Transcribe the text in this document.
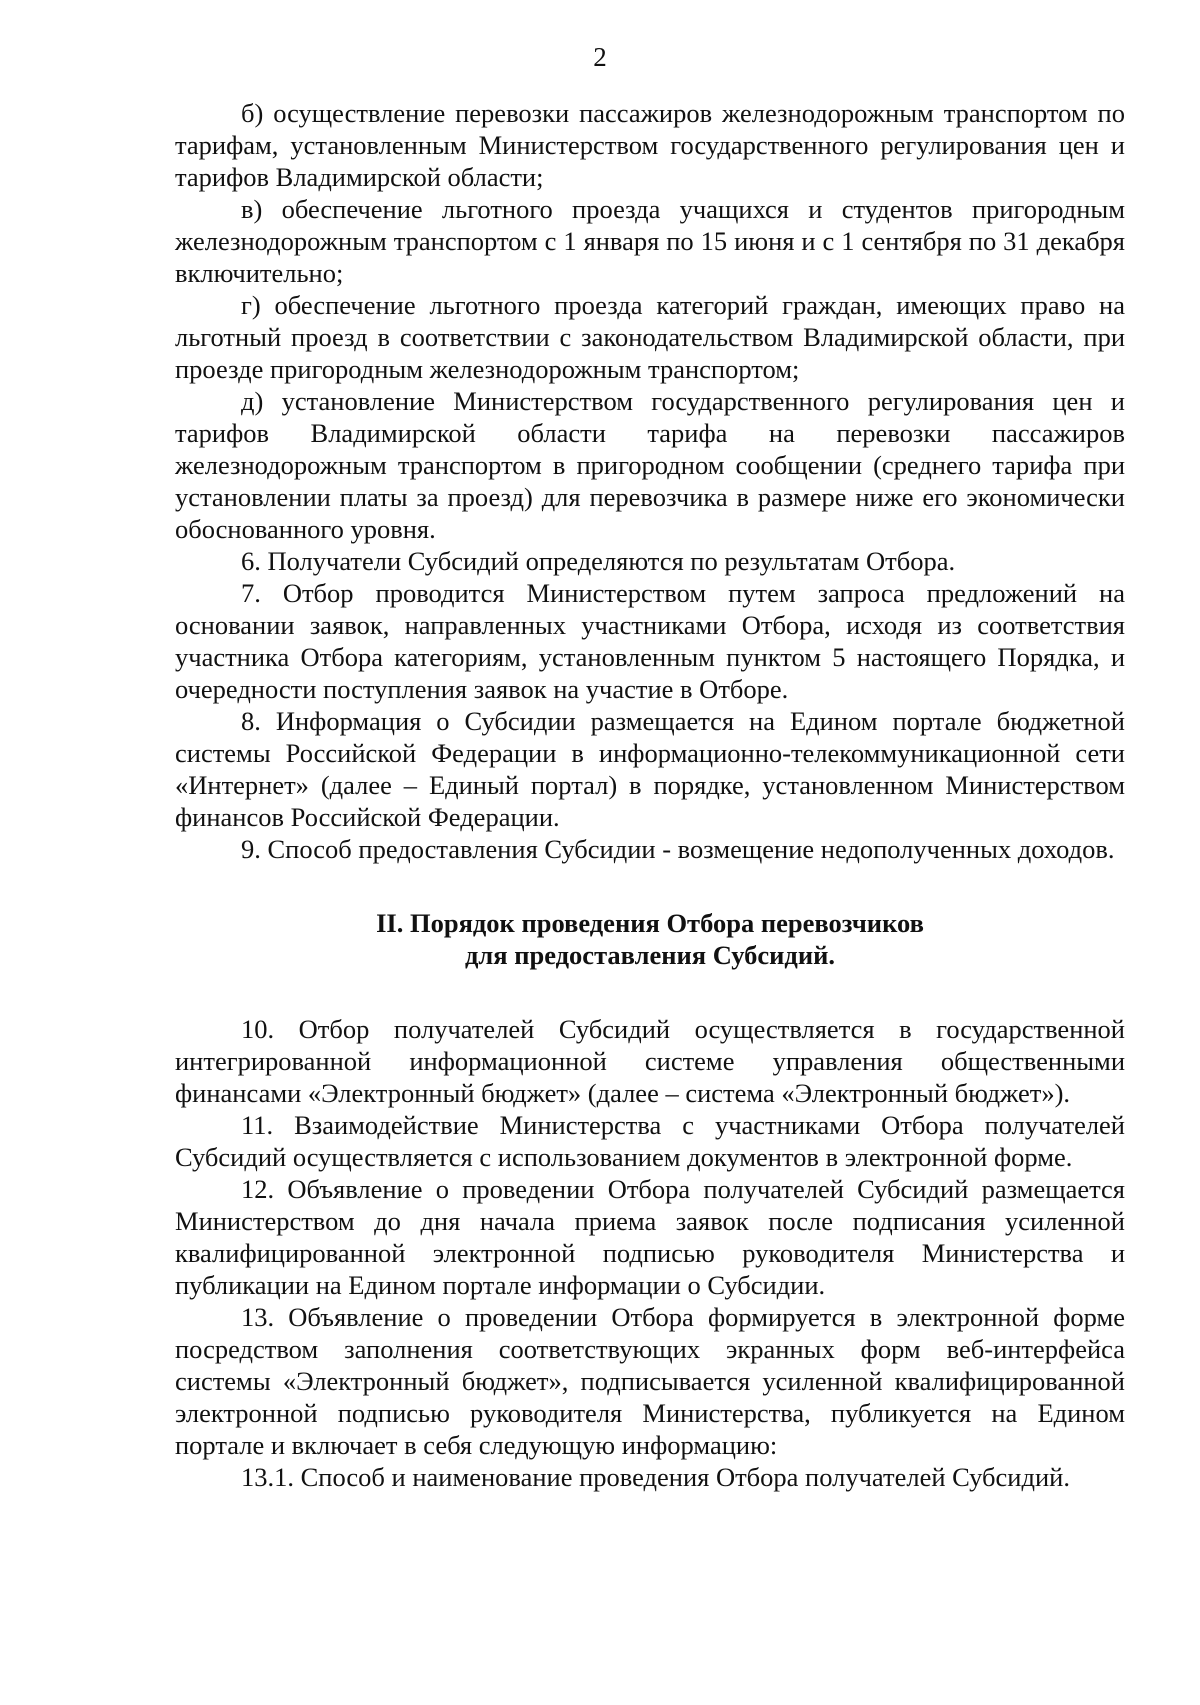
2

б) осуществление перевозки пассажиров железнодорожным транспортом по тарифам, установленным Министерством государственного регулирования цен и тарифов Владимирской области;

в) обеспечение льготного проезда учащихся и студентов пригородным железнодорожным транспортом с 1 января по 15 июня и с 1 сентября по 31 декабря включительно;

г) обеспечение льготного проезда категорий граждан, имеющих право на льготный проезд в соответствии с законодательством Владимирской области, при проезде пригородным железнодорожным транспортом;

д) установление Министерством государственного регулирования цен и тарифов Владимирской области тарифа на перевозки пассажиров железнодорожным транспортом в пригородном сообщении (среднего тарифа при установлении платы за проезд) для перевозчика в размере ниже его экономически обоснованного уровня.

6. Получатели Субсидий определяются по результатам Отбора.

7. Отбор проводится Министерством путем запроса предложений на основании заявок, направленных участниками Отбора, исходя из соответствия участника Отбора категориям, установленным пунктом 5 настоящего Порядка, и очередности поступления заявок на участие в Отборе.

8. Информация о Субсидии размещается на Едином портале бюджетной системы Российской Федерации в информационно-телекоммуникационной сети «Интернет» (далее – Единый портал) в порядке, установленном Министерством финансов Российской Федерации.

9. Способ предоставления Субсидии - возмещение недополученных доходов.

II. Порядок проведения Отбора перевозчиков

для предоставления Субсидий.

10. Отбор получателей Субсидий осуществляется в государственной интегрированной информационной системе управления общественными финансами «Электронный бюджет» (далее – система «Электронный бюджет»).

11. Взаимодействие Министерства с участниками Отбора получателей Субсидий осуществляется с использованием документов в электронной форме.

12. Объявление о проведении Отбора получателей Субсидий размещается Министерством до дня начала приема заявок после подписания усиленной квалифицированной электронной подписью руководителя Министерства и публикации на Едином портале информации о Субсидии.

13. Объявление о проведении Отбора формируется в электронной форме посредством заполнения соответствующих экранных форм веб-интерфейса системы «Электронный бюджет», подписывается усиленной квалифицированной электронной подписью руководителя Министерства, публикуется на Едином портале и включает в себя следующую информацию:

13.1. Способ и наименование проведения Отбора получателей Субсидий.
